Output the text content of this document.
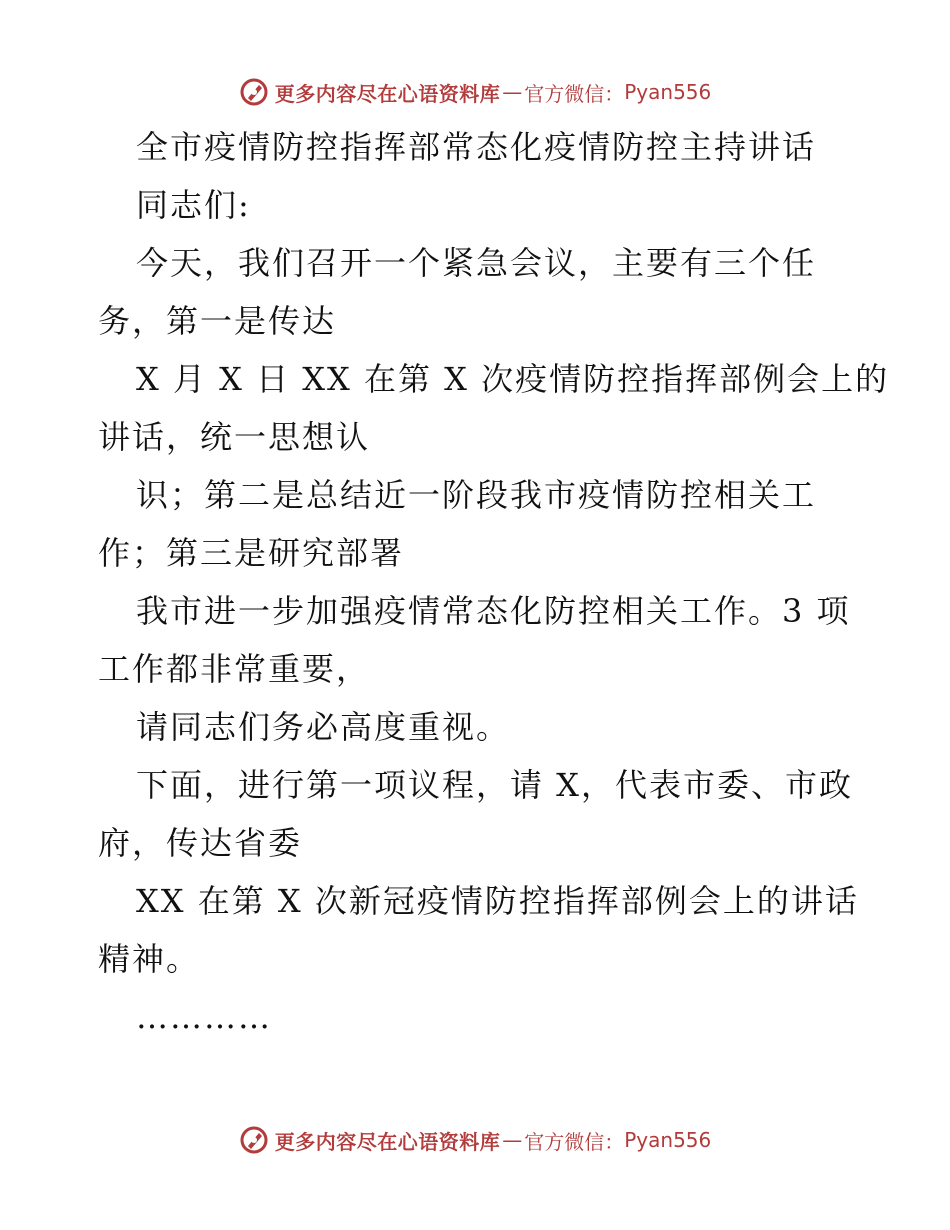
更多内容尽在心语资料库 — 官方微信： Pyan556
全市疫情防控指挥部常态化疫情防控主持讲话
同志们:
今天，我们召开一个紧急会议，主要有三个任
务，第一是传达
X 月 X 日 XX 在第 X 次疫情防控指挥部例会上的
讲话，统一思想认
识；第二是总结近一阶段我市疫情防控相关工
作；第三是研究部署
我市进一步加强疫情常态化防控相关工作。3 项
工作都非常重要，
请同志们务必高度重视。
下面，进行第一项议程，请 X，代表市委、市政
府，传达省委
XX 在第 X 次新冠疫情防控指挥部例会上的讲话
精神。
…………
更多内容尽在心语资料库 — 官方微信： Pyan556
